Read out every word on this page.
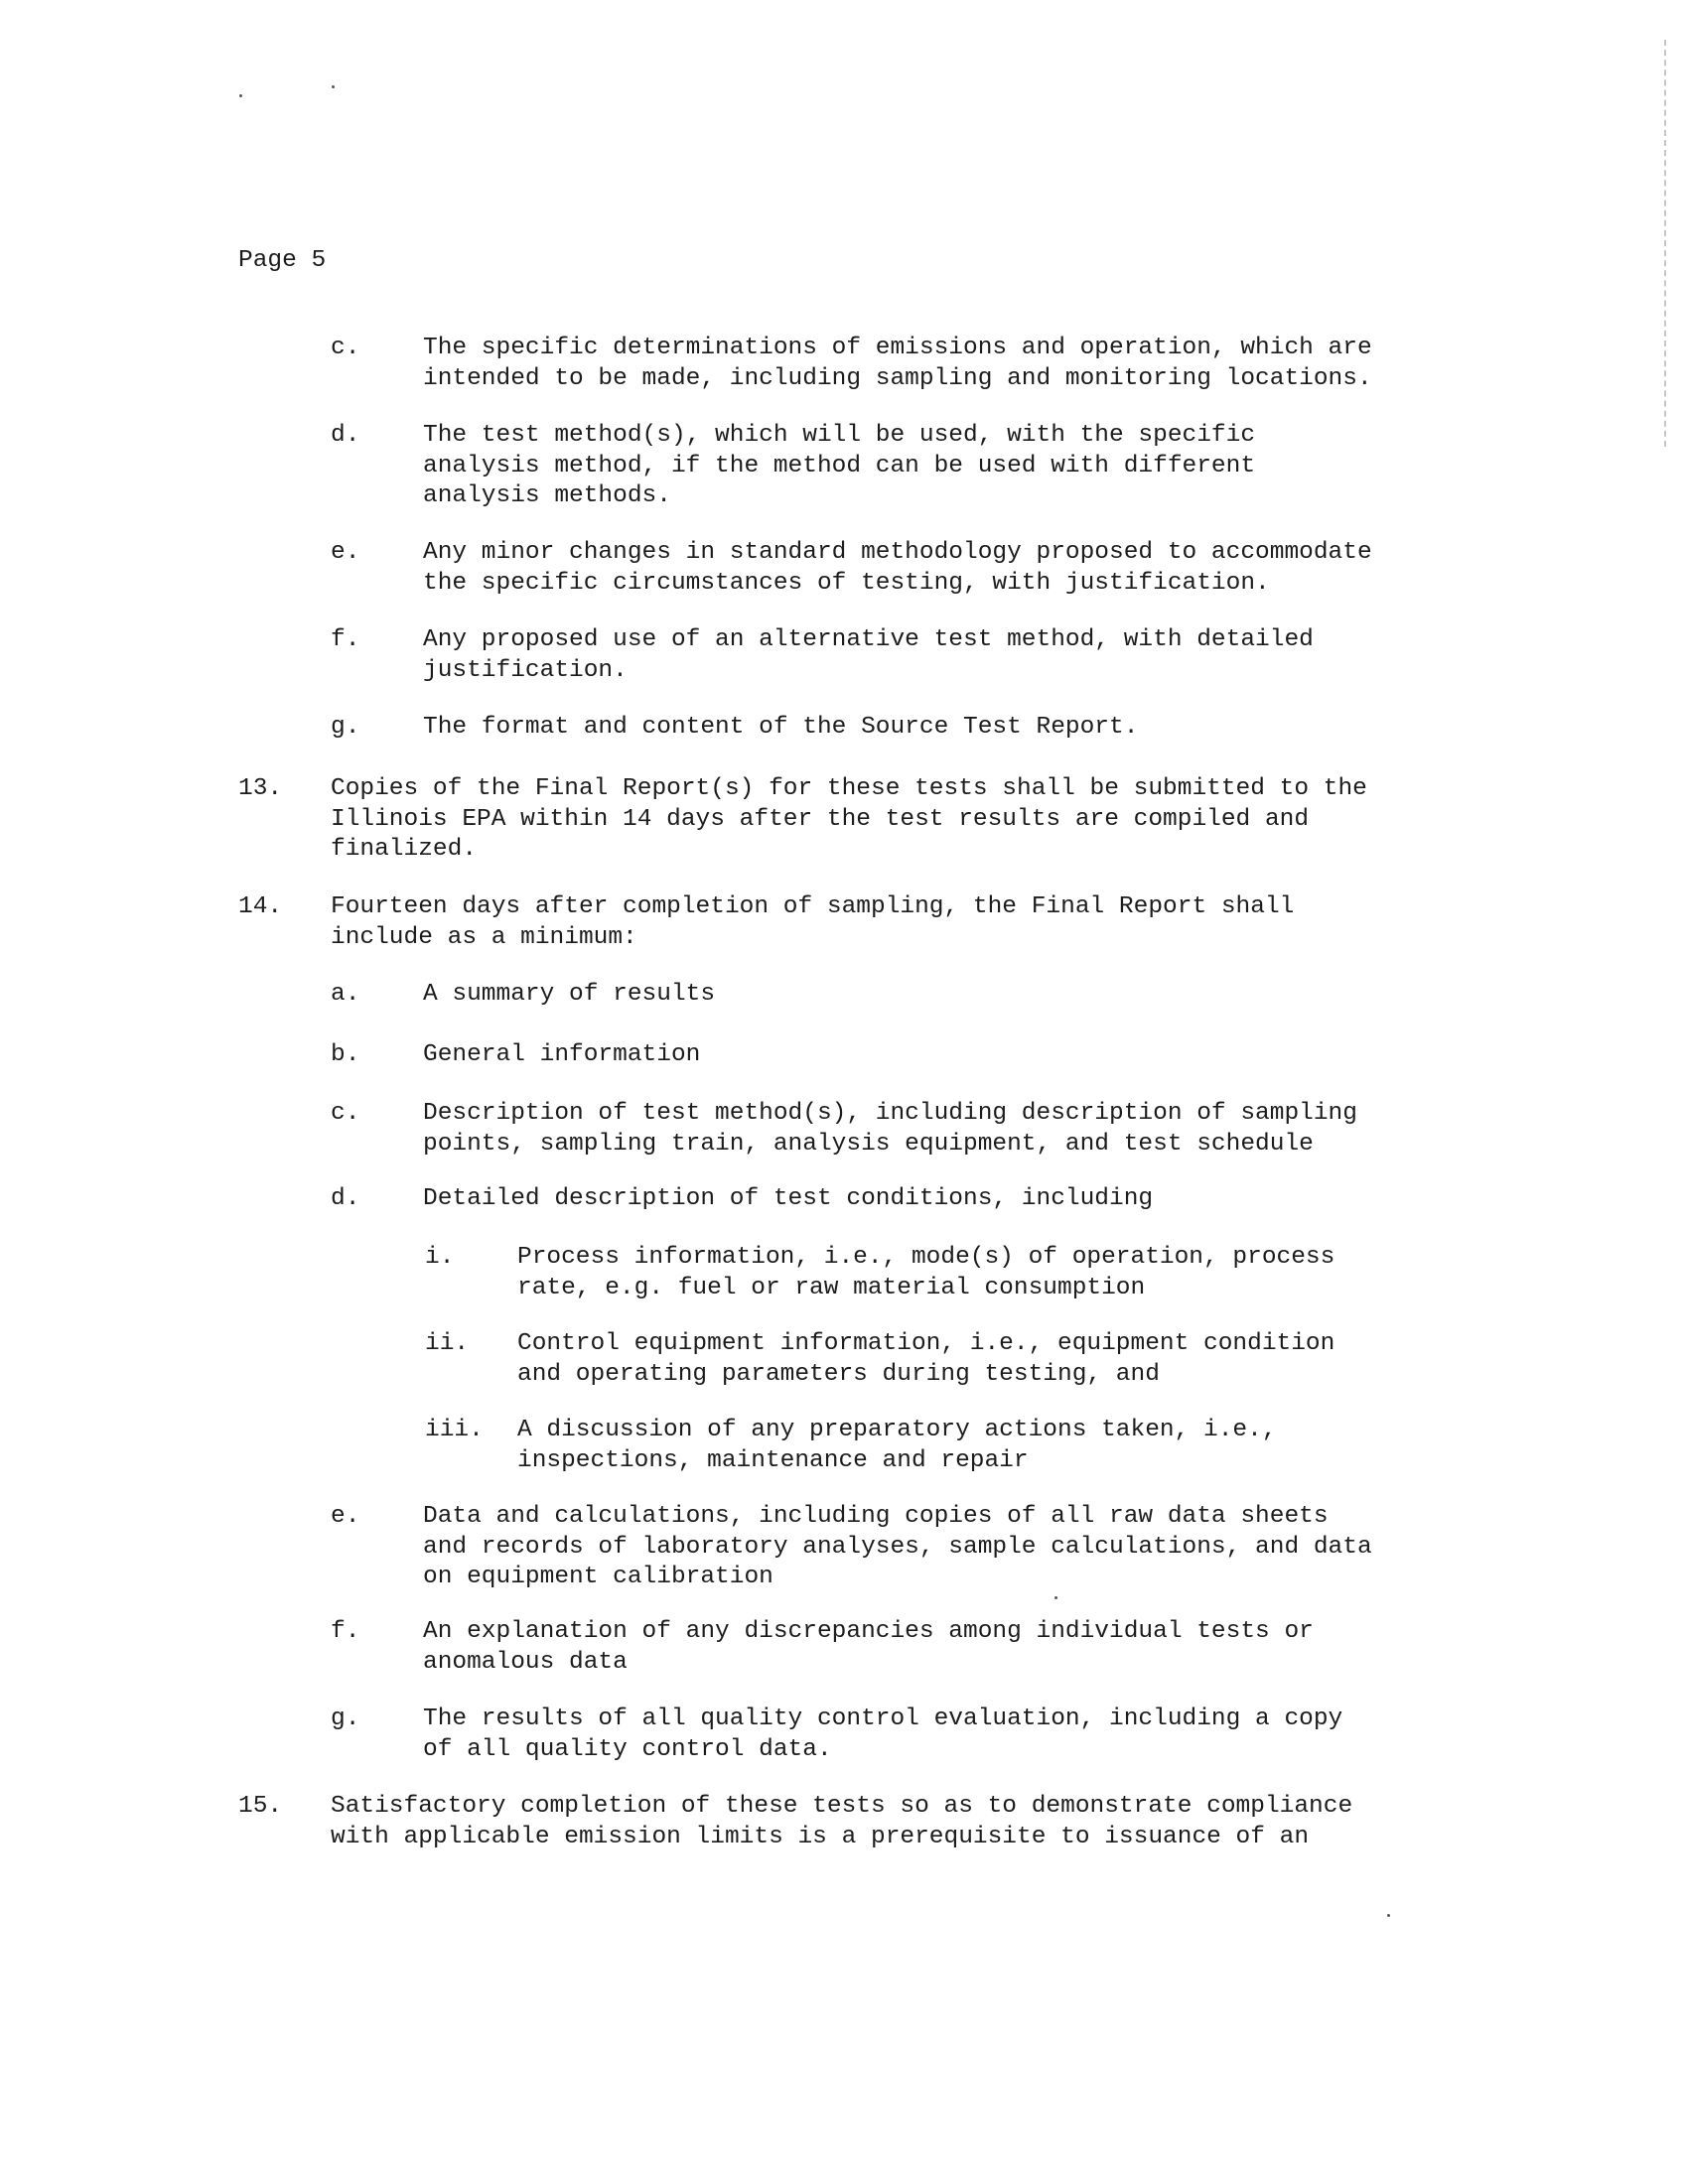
Page 5
c.	The specific determinations of emissions and operation, which are
intended to be made, including sampling and monitoring locations.
d.	The test method(s), which will be used, with the specific
analysis method, if the method can be used with different
analysis methods.
e.	Any minor changes in standard methodology proposed to accommodate
the specific circumstances of testing, with justification.
f.	Any proposed use of an alternative test method, with detailed
justification.
g.	The format and content of the Source Test Report.
13. Copies of the Final Report(s) for these tests shall be submitted to the
Illinois EPA within 14 days after the test results are compiled and
finalized.
14. Fourteen days after completion of sampling, the Final Report shall
include as a minimum:
a.	A summary of results
b.	General information
c.	Description of test method(s), including description of sampling
points, sampling train, analysis equipment, and test schedule
d.	Detailed description of test conditions, including
i.	Process information, i.e., mode(s) of operation, process
rate, e.g. fuel or raw material consumption
ii. Control equipment information, i.e., equipment condition
and operating parameters during testing, and
iii. A discussion of any preparatory actions taken, i.e.,
inspections, maintenance and repair
e.	Data and calculations, including copies of all raw data sheets
and records of laboratory analyses, sample calculations, and data
on equipment calibration
f.	An explanation of any discrepancies among individual tests or
anomalous data
g.	The results of all quality control evaluation, including a copy
of all quality control data.
15. Satisfactory completion of these tests so as to demonstrate compliance
with applicable emission limits is a prerequisite to issuance of an
